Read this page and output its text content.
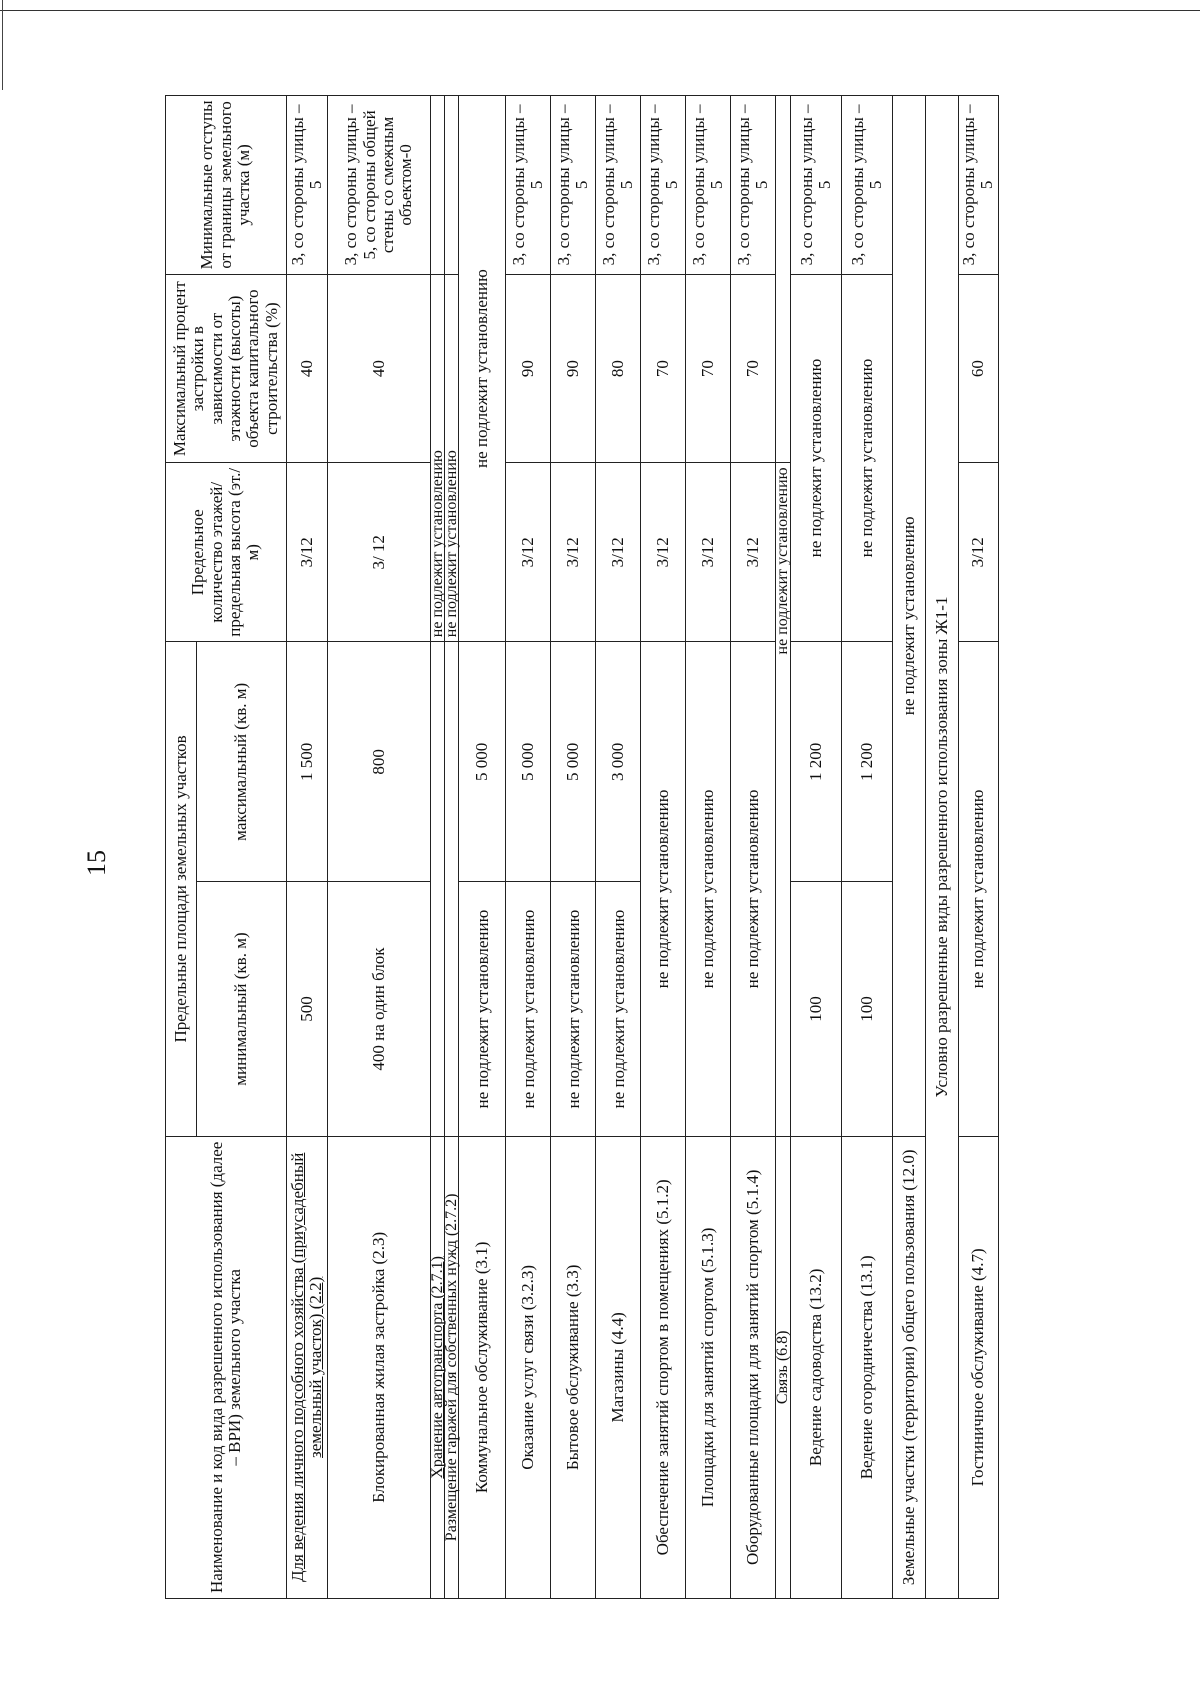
15
Наименование и код вида разрешенного использования (далее – ВРИ) земельного участка	Предельные площади земельных участков		Предельное количество этажей/ предельная высота (эт./м)	Максимальный процент застройки в зависимости от этажности (высоты) объекта капитального строительства (%)	Минимальные отступы от границы земельного участка (м)
	минимальный (кв. м)	максимальный (кв. м)			
Для ведения личного подсобного хозяйства (приусадебный земельный участок) (2.2)	500	1 500	3/12	40	3, со стороны улицы – 5
Блокированная жилая застройка (2.3)	400 на один блок	800	3/ 12	40	3, со стороны улицы – 5, со стороны общей стены со смежным объектом-0
Хранение автотранспорта (2.7.1)			не подлежит установлению		
Размещение гаражей для собственных нужд (2.7.2)			не подлежит установлению		
Коммунальное обслуживание (3.1)	не подлежит установлению	5 000	не подлежит установлению		
Оказание услуг связи (3.2.3)	не подлежит установлению	5 000	3/12	90	3, со стороны улицы – 5
Бытовое обслуживание (3.3)	не подлежит установлению	5 000	3/12	90	3, со стороны улицы – 5
Магазины (4.4)	не подлежит установлению	3 000	3/12	80	3, со стороны улицы – 5
Обеспечение занятий спортом в помещениях (5.1.2)	не подлежит установлению		3/12	70	3, со стороны улицы – 5
Площадки для занятий спортом (5.1.3)	не подлежит установлению		3/12	70	3, со стороны улицы – 5
Оборудованные площадки для занятий спортом (5.1.4)	не подлежит установлению		3/12	70	3, со стороны улицы – 5
Связь (6.8)	не подлежит установлению				
Ведение садоводства (13.2)	100	1 200	не подлежит установлению		3, со стороны улицы – 5
Ведение огородничества (13.1)	100	1 200	не подлежит установлению		3, со стороны улицы – 5
Земельные участки (территории) общего пользования (12.0)	не подлежит установлению				
Условно разрешенные виды разрешенного использования зоны Ж1-1					
Гостиничное обслуживание (4.7)	не подлежит установлению		3/12	60	3, со стороны улицы – 5
